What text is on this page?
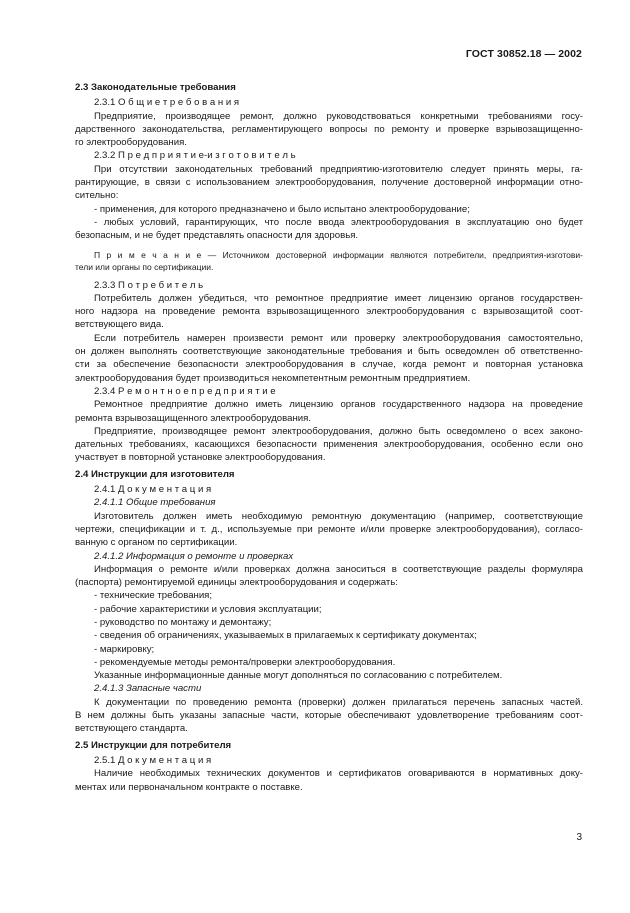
ГОСТ 30852.18 — 2002
2.3 Законодательные требования
2.3.1 О б щ и е т р е б о в а н и я
Предприятие, производящее ремонт, должно руководствоваться конкретными требованиями госу-
дарственного законодательства, регламентирующего вопросы по ремонту и проверке взрывозащищенно-
го электрооборудования.
2.3.2 П р е д п р и я т и е-и з г о т о в и т е л ь
При отсутствии законодательных требований предприятию-изготовителю следует принять меры, га-
рантирующие, в связи с использованием электрооборудования, получение достоверной информации отно-
сительно:
- применения, для которого предназначено и было испытано электрооборудование;
- любых условий, гарантирующих, что после ввода электрооборудования в эксплуатацию оно будет
безопасным, и не будет представлять опасности для здоровья.
П р и м е ч а н и е — Источником достоверной информации являются потребители, предприятия-изготови-
тели или органы по сертификации.
2.3.3 П о т р е б и т е л ь
Потребитель должен убедиться, что ремонтное предприятие имеет лицензию органов государствен-
ного надзора на проведение ремонта взрывозащищенного электрооборудования с взрывозащитой соот-
ветствующего вида.
Если потребитель намерен произвести ремонт или проверку электрооборудования самостоятельно,
он должен выполнять соответствующие законодательные требования и быть осведомлен об ответственно-
сти за обеспечение безопасности электрооборудования в случае, когда ремонт и повторная установка
электрооборудования будет производиться некомпетентным ремонтным предприятием.
2.3.4 Р е м о н т н о е п р е д п р и я т и е
Ремонтное предприятие должно иметь лицензию органов государственного надзора на проведение
ремонта взрывозащищенного электрооборудования.
Предприятие, производящее ремонт электрооборудования, должно быть осведомлено о всех законо-
дательных требованиях, касающихся безопасности применения электрооборудования, особенно если оно
участвует в повторной установке электрооборудования.
2.4 Инструкции для изготовителя
2.4.1 Д о к у м е н т а ц и я
2.4.1.1 Общие требования
Изготовитель должен иметь необходимую ремонтную документацию (например, соответствующие
чертежи, спецификации и т. д., используемые при ремонте и/или проверке электрооборудования), согласо-
ванную с органом по сертификации.
2.4.1.2 Информация о ремонте и проверках
Информация о ремонте и/или проверках должна заноситься в соответствующие разделы формуляра
(паспорта) ремонтируемой единицы электрооборудования и содержать:
- технические требования;
- рабочие характеристики и условия эксплуатации;
- руководство по монтажу и демонтажу;
- сведения об ограничениях, указываемых в прилагаемых к сертификату документах;
- маркировку;
- рекомендуемые методы ремонта/проверки электрооборудования.
Указанные информационные данные могут дополняться по согласованию с потребителем.
2.4.1.3 Запасные части
К документации по проведению ремонта (проверки) должен прилагаться перечень запасных частей.
В нем должны быть указаны запасные части, которые обеспечивают удовлетворение требованиям соот-
ветствующего стандарта.
2.5 Инструкции для потребителя
2.5.1 Д о к у м е н т а ц и я
Наличие необходимых технических документов и сертификатов оговариваются в нормативных доку-
ментах или первоначальном контракте о поставке.
3
